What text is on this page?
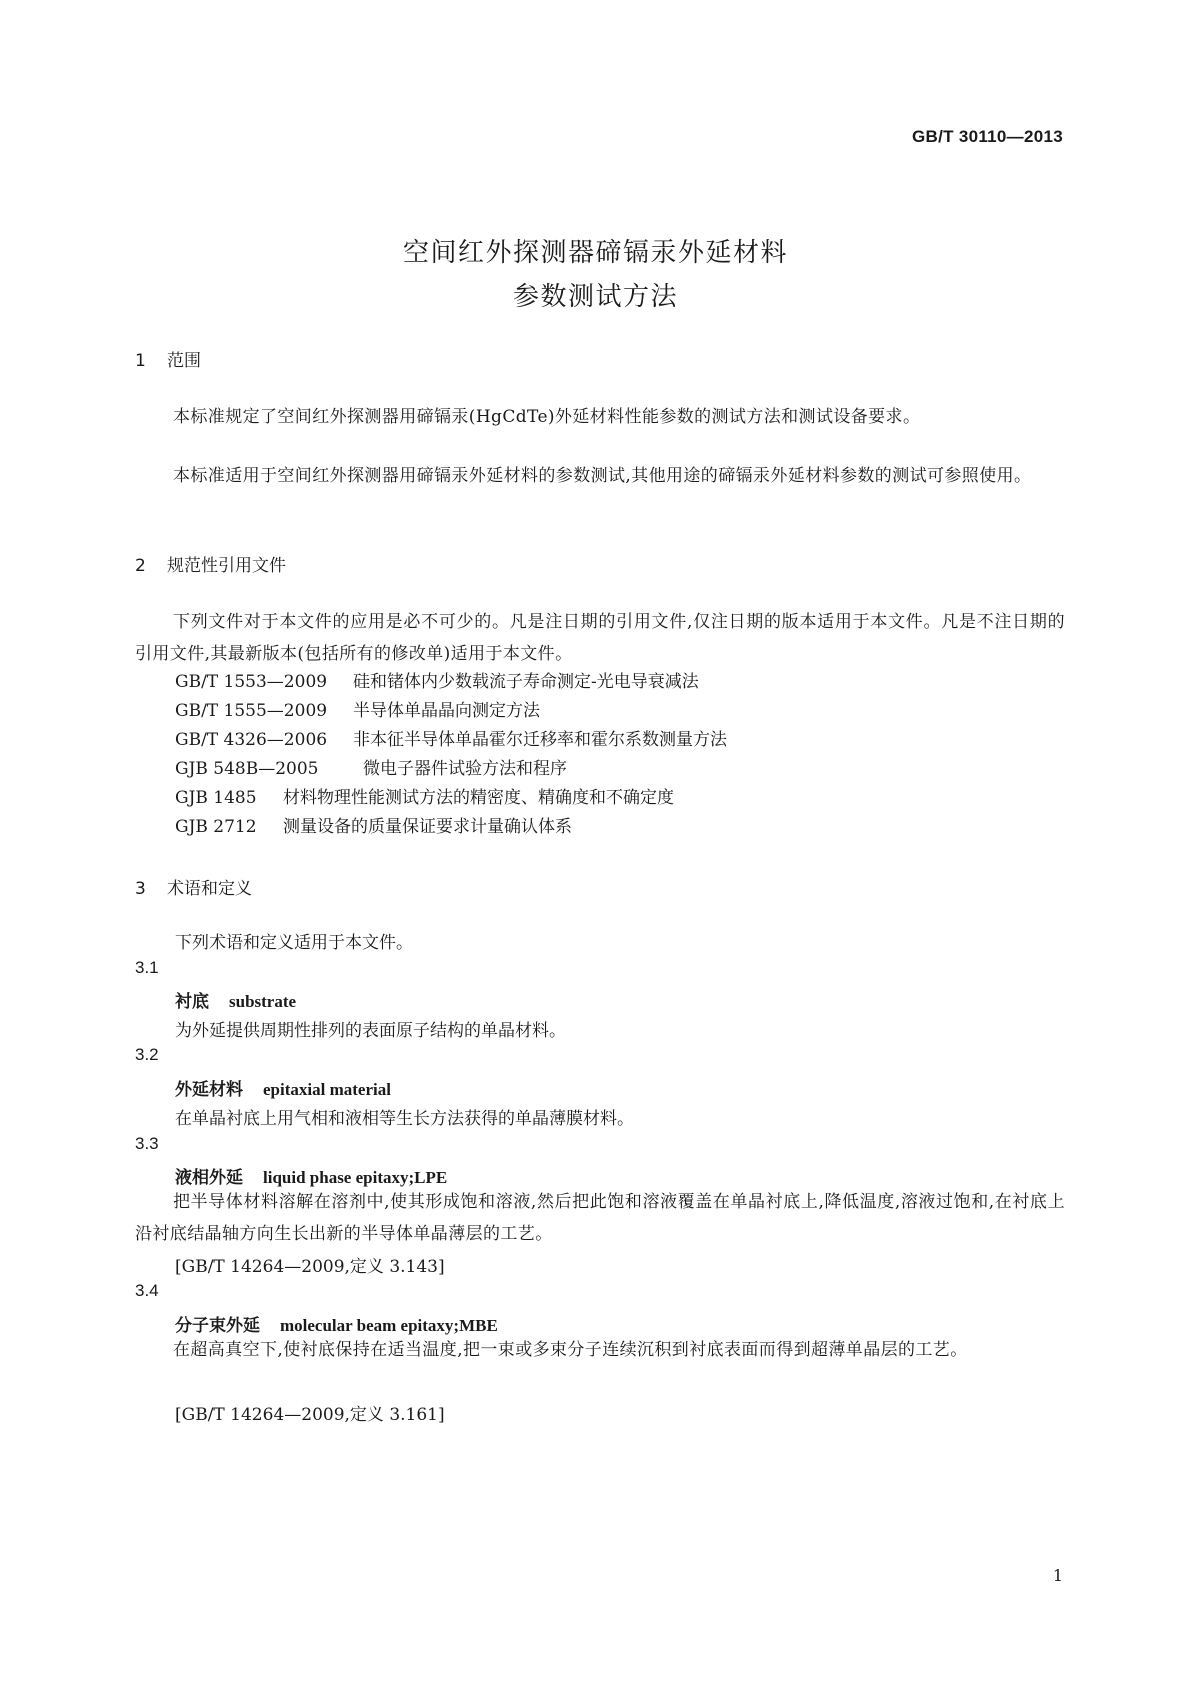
GB/T 30110—2013
空间红外探测器碲镉汞外延材料
参数测试方法
1 范围
本标准规定了空间红外探测器用碲镉汞(HgCdTe)外延材料性能参数的测试方法和测试设备要求。
本标准适用于空间红外探测器用碲镉汞外延材料的参数测试,其他用途的碲镉汞外延材料参数的测试可参照使用。
2 规范性引用文件
下列文件对于本文件的应用是必不可少的。凡是注日期的引用文件,仅注日期的版本适用于本文件。凡是不注日期的引用文件,其最新版本(包括所有的修改单)适用于本文件。
GB/T 1553—2009 硅和锗体内少数载流子寿命测定-光电导衰减法
GB/T 1555—2009 半导体单晶晶向测定方法
GB/T 4326—2006 非本征半导体单晶霍尔迁移率和霍尔系数测量方法
GJB 548B—2005	微电子器件试验方法和程序
GJB 1485 材料物理性能测试方法的精密度、精确度和不确定度
GJB 2712 测量设备的质量保证要求计量确认体系
3 术语和定义
下列术语和定义适用于本文件。
3.1
衬底 substrate
为外延提供周期性排列的表面原子结构的单晶材料。
3.2
外延材料 epitaxial material
在单晶衬底上用气相和液相等生长方法获得的单晶薄膜材料。
3.3
液相外延 liquid phase epitaxy;LPE
把半导体材料溶解在溶剂中,使其形成饱和溶液,然后把此饱和溶液覆盖在单晶衬底上,降低温度,溶液过饱和,在衬底上沿衬底结晶轴方向生长出新的半导体单晶薄层的工艺。
[GB/T 14264—2009,定义 3.143]
3.4
分子束外延 molecular beam epitaxy;MBE
在超高真空下,使衬底保持在适当温度,把一束或多束分子连续沉积到衬底表面而得到超薄单晶层的工艺。
[GB/T 14264—2009,定义 3.161]
1
